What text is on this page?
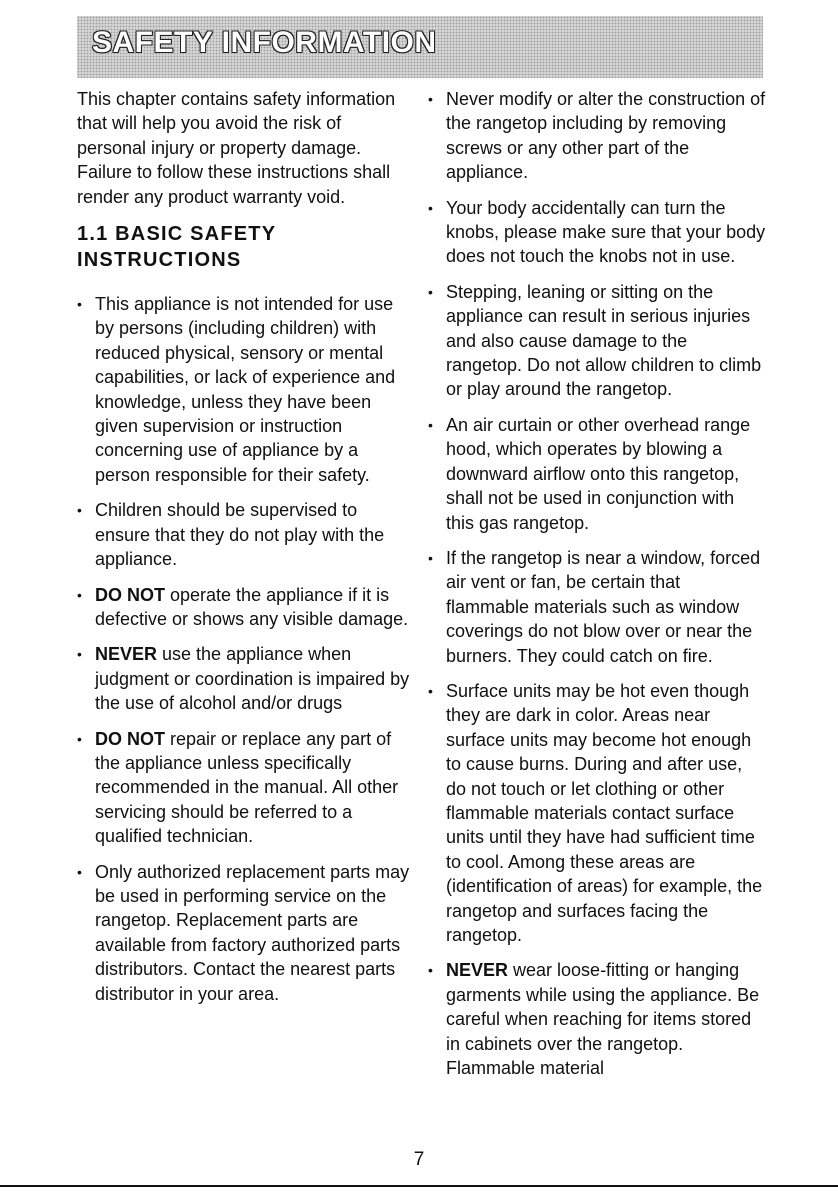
SAFETY INFORMATION

This chapter contains safety information that will help you avoid the risk of personal injury or property damage. Failure to follow these instructions shall render any product warranty void.

1.1 BASIC SAFETY INSTRUCTIONS
• This appliance is not intended for use by persons (including children) with reduced physical, sensory or mental capabilities, or lack of experience and knowledge, unless they have been given supervision or instruction concerning use of appliance by a person responsible for their safety.
• Children should be supervised to ensure that they do not play with the appliance.
• DO NOT operate the appliance if it is defective or shows any visible damage.
• NEVER use the appliance when judgment or coordination is impaired by the use of alcohol and/or drugs
• DO NOT repair or replace any part of the appliance unless specifically recommended in the manual. All other servicing should be referred to a qualified technician.
• Only authorized replacement parts may be used in performing service on the rangetop. Replacement parts are available from factory authorized parts distributors. Contact the nearest parts distributor in your area.
• Never modify or alter the construction of the rangetop including by removing screws or any other part of the appliance.
• Your body accidentally can turn the knobs, please make sure that your body does not touch the knobs not in use.
• Stepping, leaning or sitting on the appliance can result in serious injuries and also cause damage to the rangetop. Do not allow children to climb or play around the rangetop.
• An air curtain or other overhead range hood, which operates by blowing a downward airflow onto this rangetop, shall not be used in conjunction with this gas rangetop.
• If the rangetop is near a window, forced air vent or fan, be certain that flammable materials such as window coverings do not blow over or near the burners. They could catch on fire.
• Surface units may be hot even though they are dark in color. Areas near surface units may become hot enough to cause burns. During and after use, do not touch or let clothing or other flammable materials contact surface units until they have had sufficient time to cool. Among these areas are (identification of areas) for example, the rangetop and surfaces facing the rangetop.
• NEVER wear loose-fitting or hanging garments while using the appliance. Be careful when reaching for items stored in cabinets over the rangetop. Flammable material
7
